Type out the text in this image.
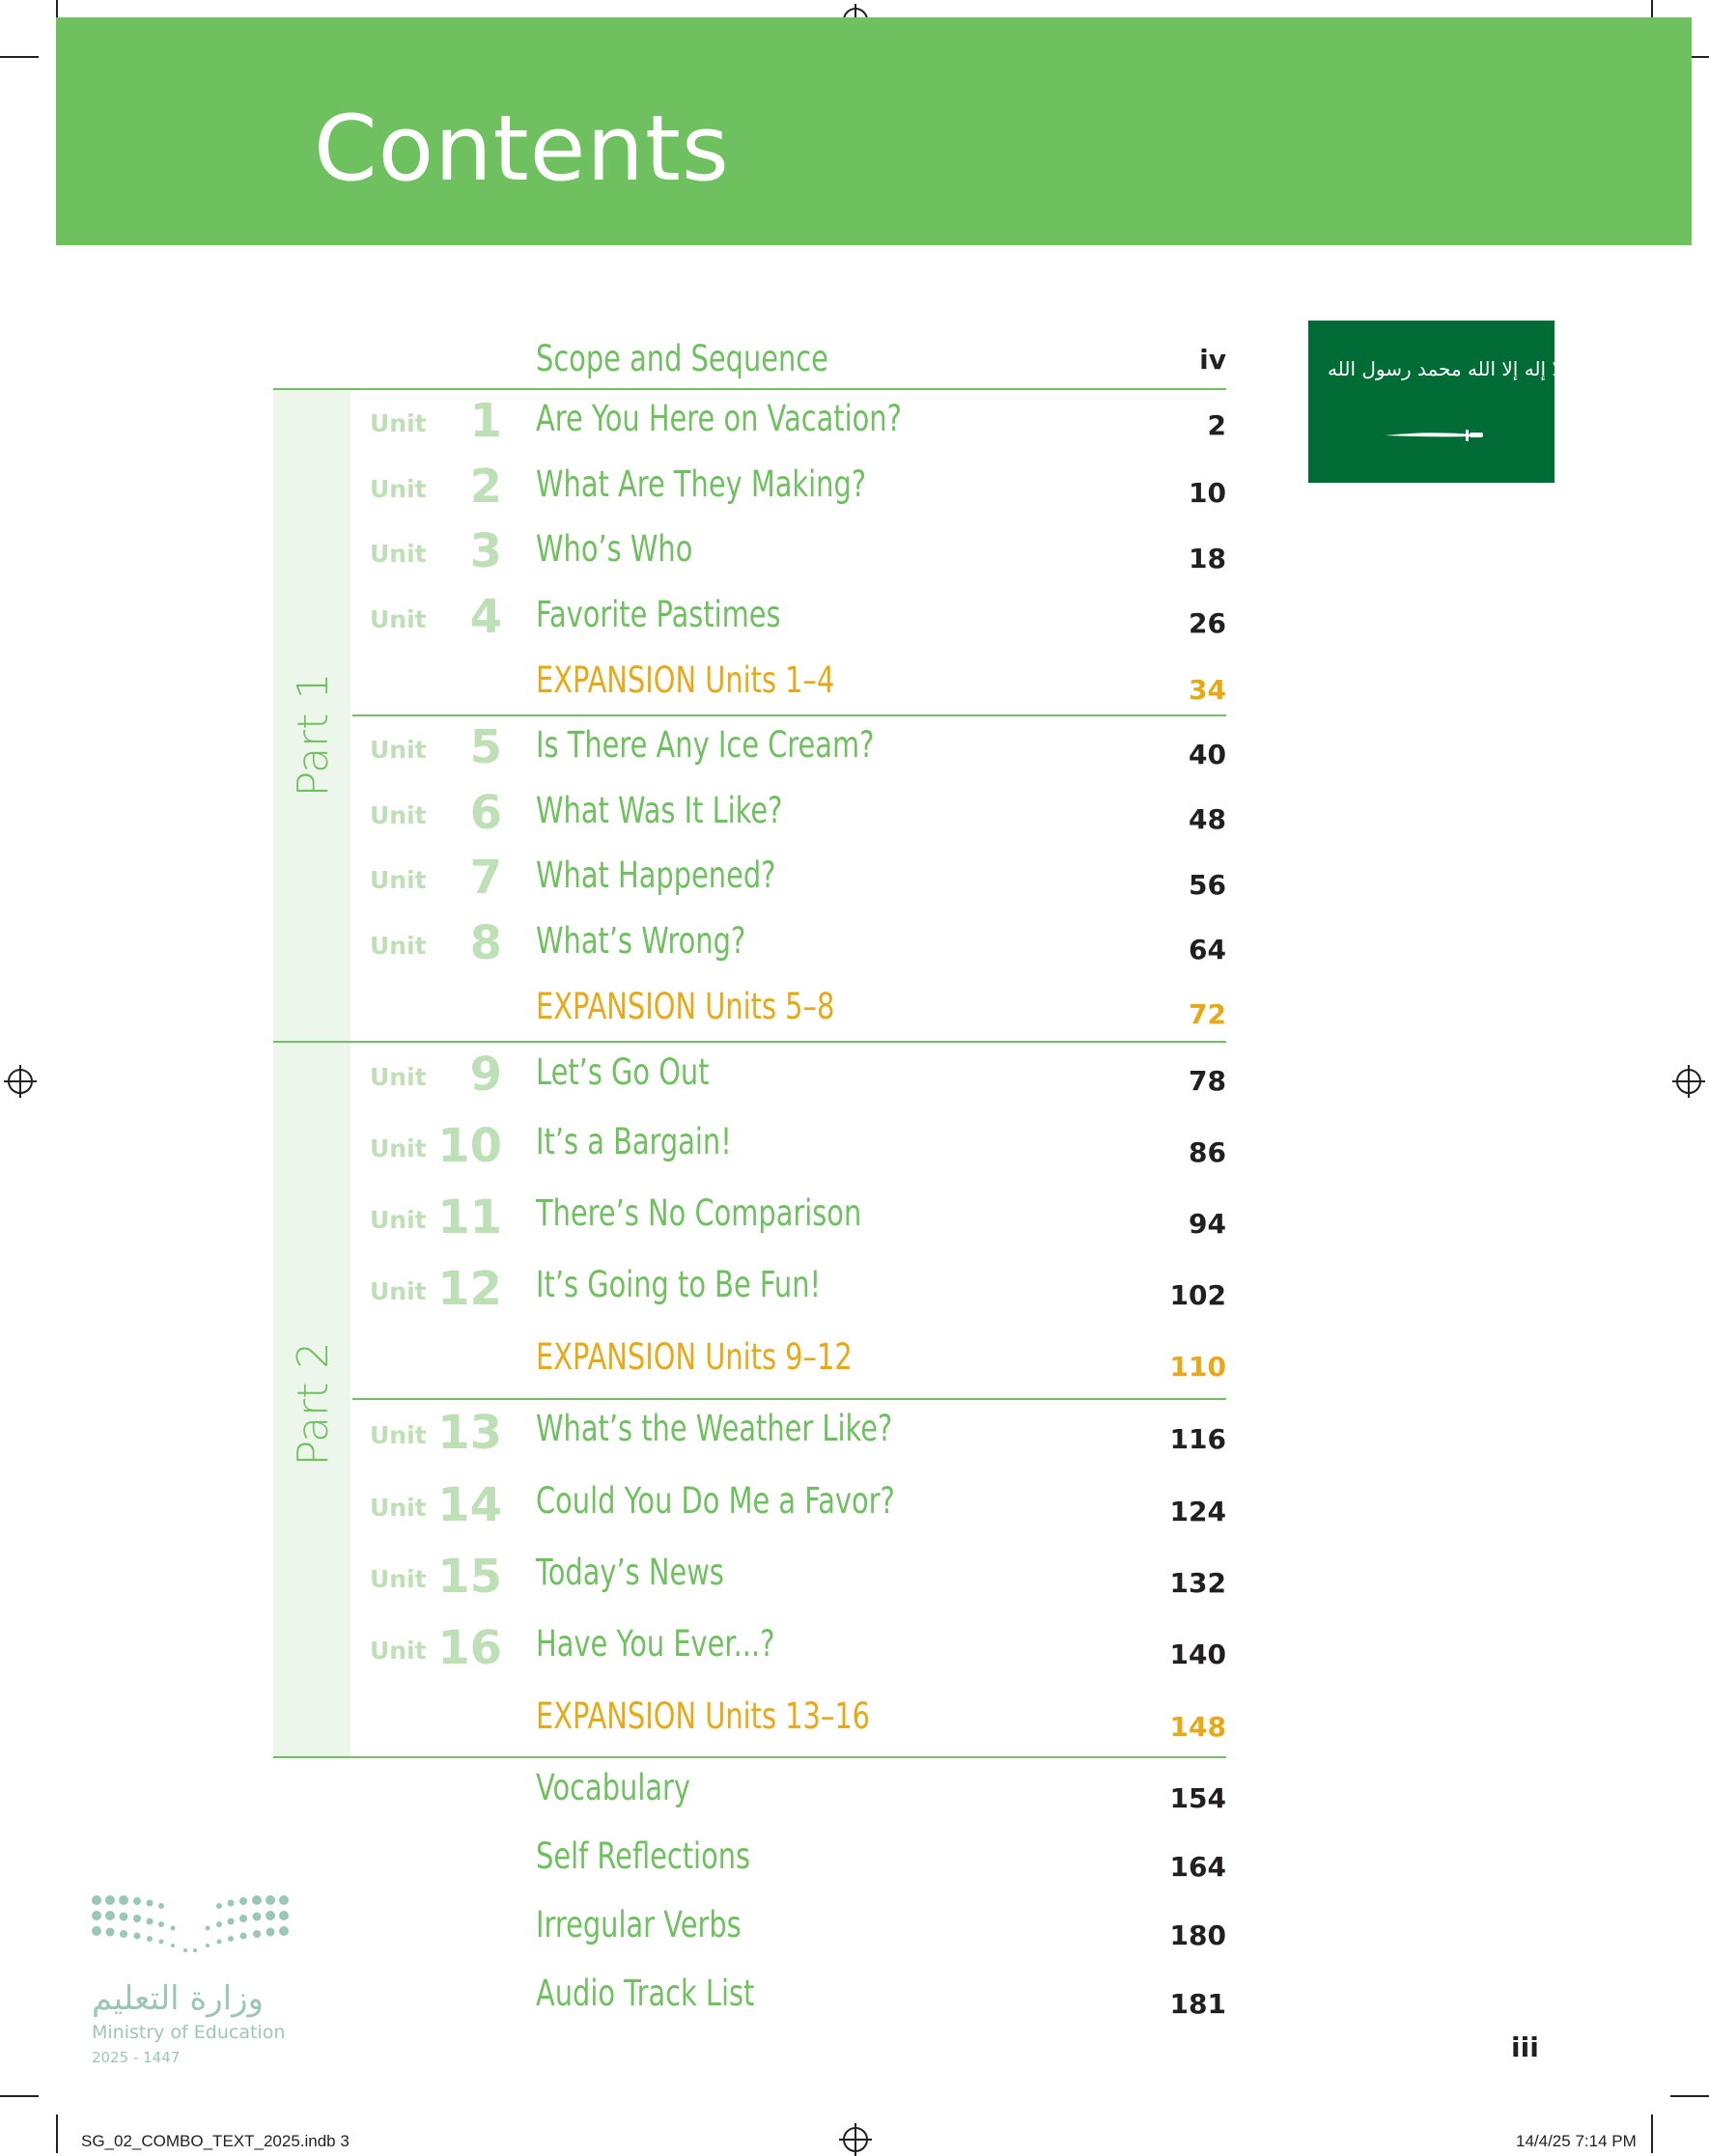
Contents
لا إله إلا الله محمد رسول الله
Part 1
Part 2
Scope and Sequence	iv
Unit 1 Are You Here on Vacation?	2
Unit 2 What Are They Making?	10
Unit 3 Who’s Who	18
Unit 4 Favorite Pastimes	26
EXPANSION Units 1–4	34
Unit 5 Is There Any Ice Cream?	40
Unit 6 What Was It Like?	48
Unit 7 What Happened?	56
Unit 8 What’s Wrong?	64
EXPANSION Units 5–8	72
Unit 9 Let’s Go Out	78
Unit 10 It’s a Bargain!	86
Unit 11 There’s No Comparison	94
Unit 12 It’s Going to Be Fun!	102
EXPANSION Units 9–12	110
Unit 13 What’s the Weather Like?	116
Unit 14 Could You Do Me a Favor?	124
Unit 15 Today’s News	132
Unit 16 Have You Ever...?	140
EXPANSION Units 13–16	148
Vocabulary	154
Self Reflections	164
Irregular Verbs	180
Audio Track List	181
وزارة التعليم
Ministry of Education
2025 - 1447	iii
SG_02_COMBO_TEXT_2025.indb 3	14/4/25 7:14 PM
